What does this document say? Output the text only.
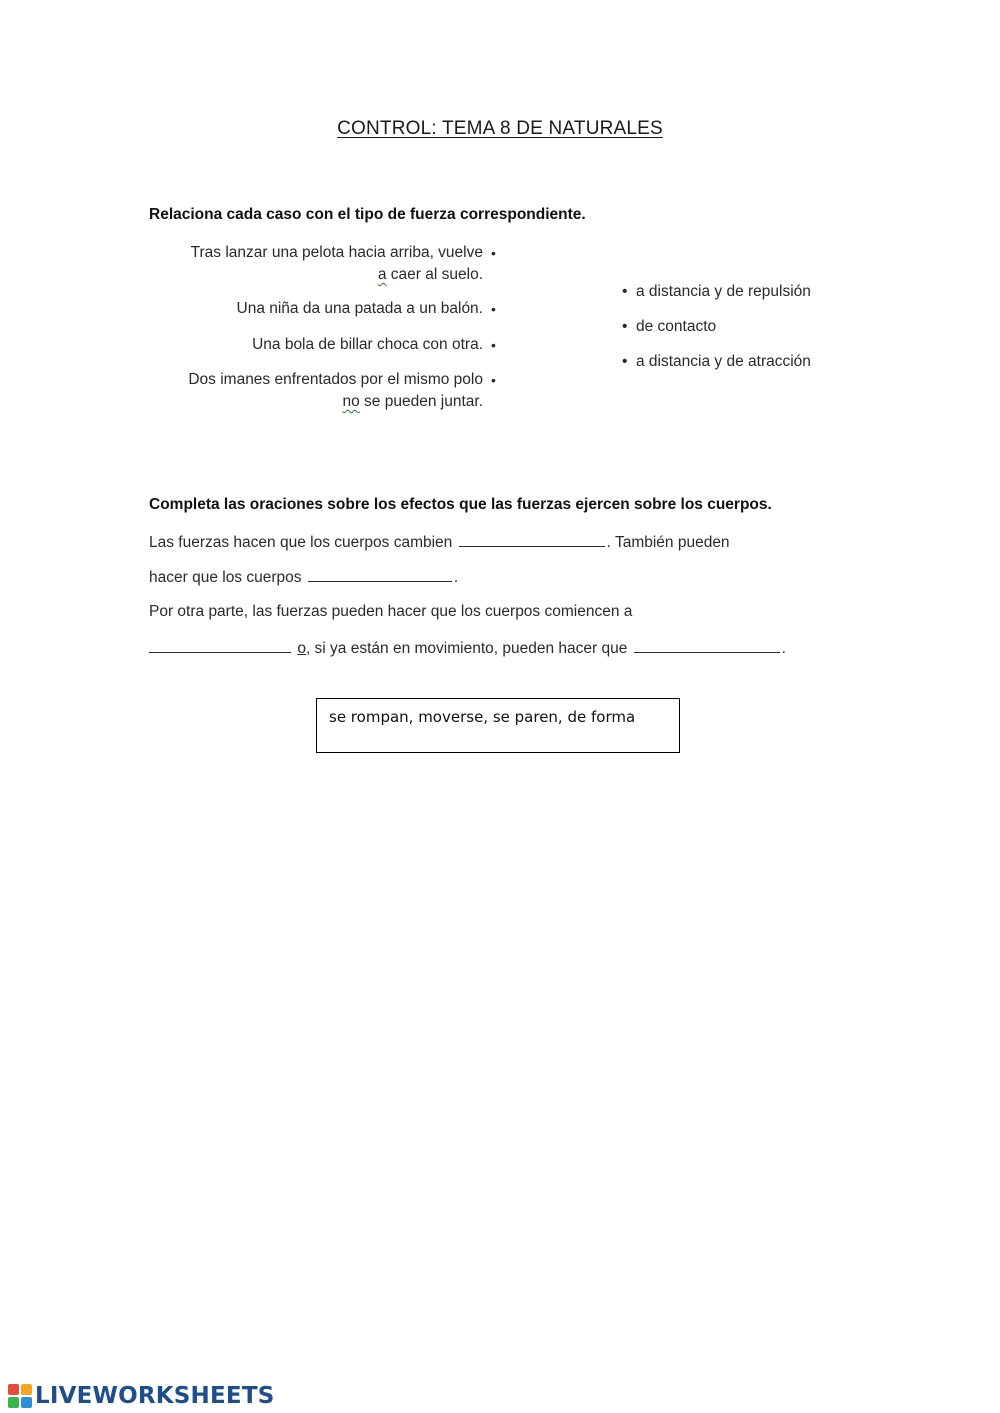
CONTROL: TEMA 8 DE NATURALES
Relaciona cada caso con el tipo de fuerza correspondiente.
Tras lanzar una pelota hacia arriba, vuelve
a caer al suelo.
•
Una niña da una patada a un balón. •
Una bola de billar choca con otra. •
Dos imanes enfrentados por el mismo polo
no se pueden juntar.
•
• a distancia y de repulsión
• de contacto
• a distancia y de atracción
Completa las oraciones sobre los efectos que las fuerzas ejercen sobre los cuerpos.
Las fuerzas hacen que los cuerpos cambien	. También pueden
hacer que los cuerpos	.
Por otra parte, las fuerzas pueden hacer que los cuerpos comiencen a
o, si ya están en movimiento, pueden hacer que	.
se rompan, moverse, se paren, de forma
LIVEWORKSHEETS
